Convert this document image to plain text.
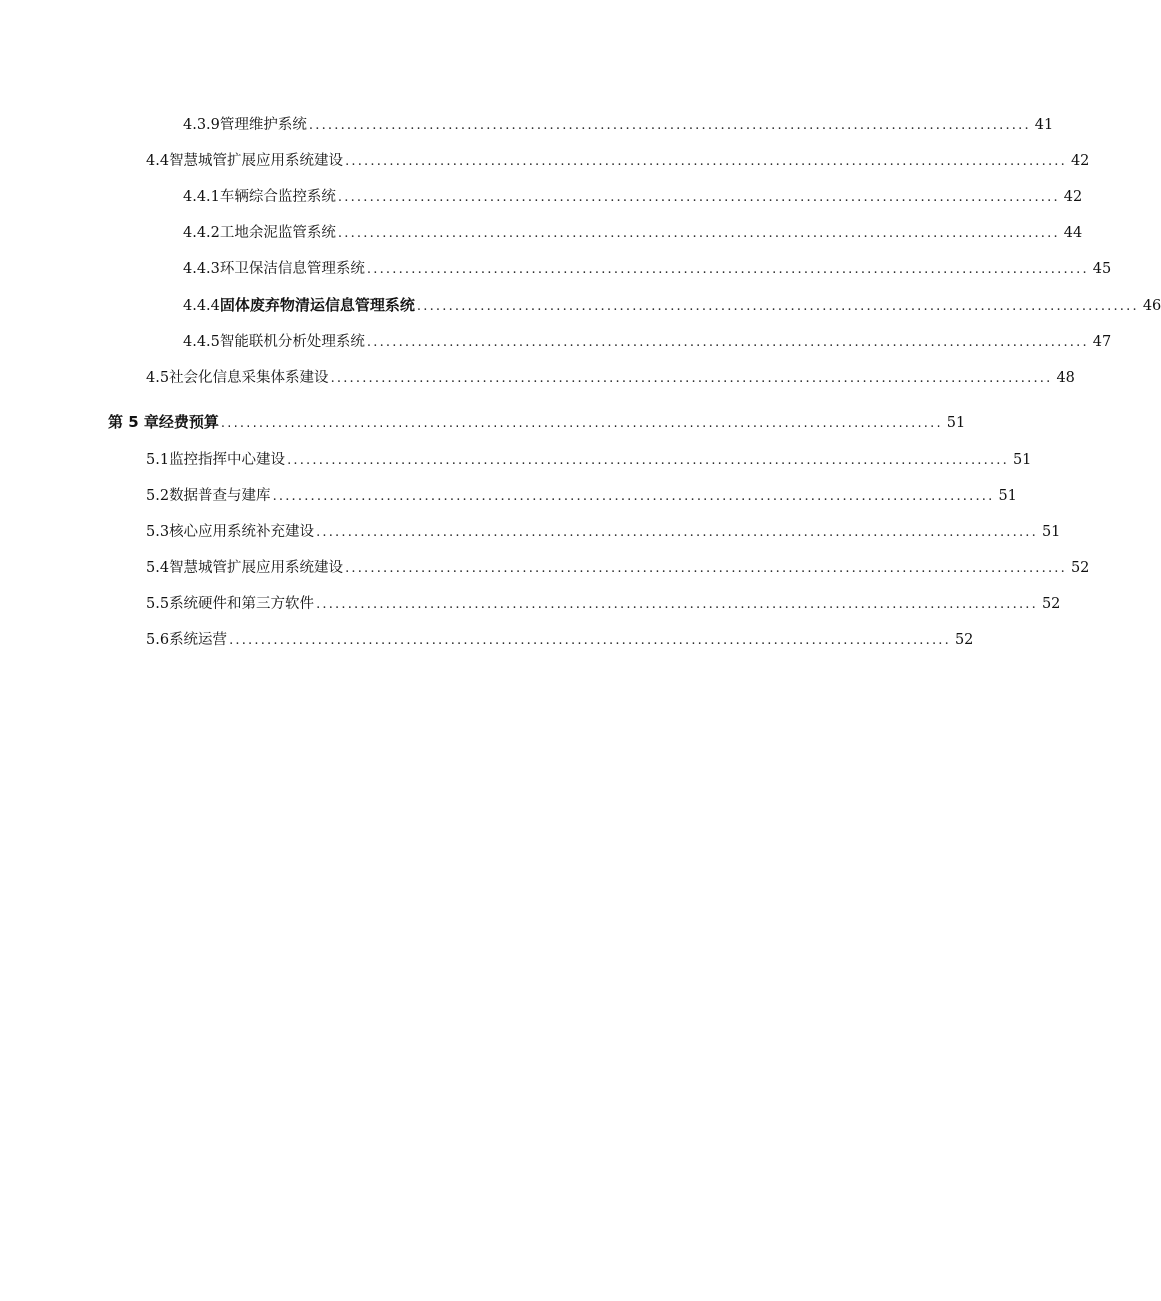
4.3.9 管理维护系统 .................................................................................................................. 41
4.4 智慧城管扩展应用系统建设 .................................................................................................................. 42
4.4.1 车辆综合监控系统 .................................................................................................................. 42
4.4.2 工地余泥监管系统 .................................................................................................................. 44
4.4.3 环卫保洁信息管理系统 .................................................................................................................. 45
4.4.4 固体废弃物清运信息管理系统 .................................................................................................................. 46
4.4.5 智能联机分析处理系统 .................................................................................................................. 47
4.5 社会化信息采集体系建设 .................................................................................................................. 48
第 5 章 经费预算 .................................................................................................................. 51
5.1 监控指挥中心建设 .................................................................................................................. 51
5.2 数据普查与建库 .................................................................................................................. 51
5.3 核心应用系统补充建设 .................................................................................................................. 51
5.4 智慧城管扩展应用系统建设 .................................................................................................................. 52
5.5 系统硬件和第三方软件 .................................................................................................................. 52
5.6 系统运营 .................................................................................................................. 52
